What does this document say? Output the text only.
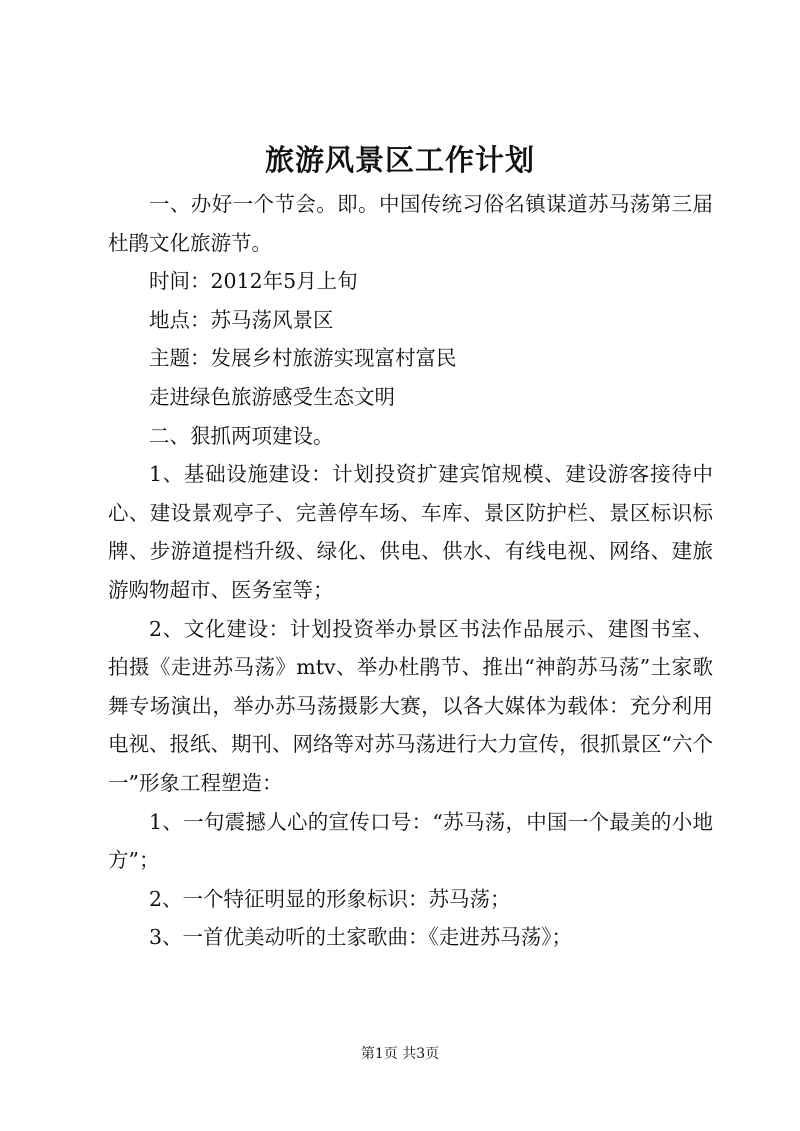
旅游风景区工作计划

一、办好一个节会。即。中国传统习俗名镇谋道苏马荡第三届杜鹃文化旅游节。

时间：2012年5月上旬

地点：苏马荡风景区

主题：发展乡村旅游实现富村富民

走进绿色旅游感受生态文明

二、狠抓两项建设。

1、基础设施建设：计划投资扩建宾馆规模、建设游客接待中心、建设景观亭子、完善停车场、车库、景区防护栏、景区标识标牌、步游道提档升级、绿化、供电、供水、有线电视、网络、建旅游购物超市、医务室等；

2、文化建设：计划投资举办景区书法作品展示、建图书室、拍摄《走进苏马荡》mtv、举办杜鹃节、推出“神韵苏马荡”土家歌舞专场演出，举办苏马荡摄影大赛，以各大媒体为载体：充分利用电视、报纸、期刊、网络等对苏马荡进行大力宣传，很抓景区“六个一”形象工程塑造：

1、一句震撼人心的宣传口号：“苏马荡，中国一个最美的小地方”；

2、一个特征明显的形象标识：苏马荡；

3、一首优美动听的土家歌曲：《走进苏马荡》；

第1页 共3页
